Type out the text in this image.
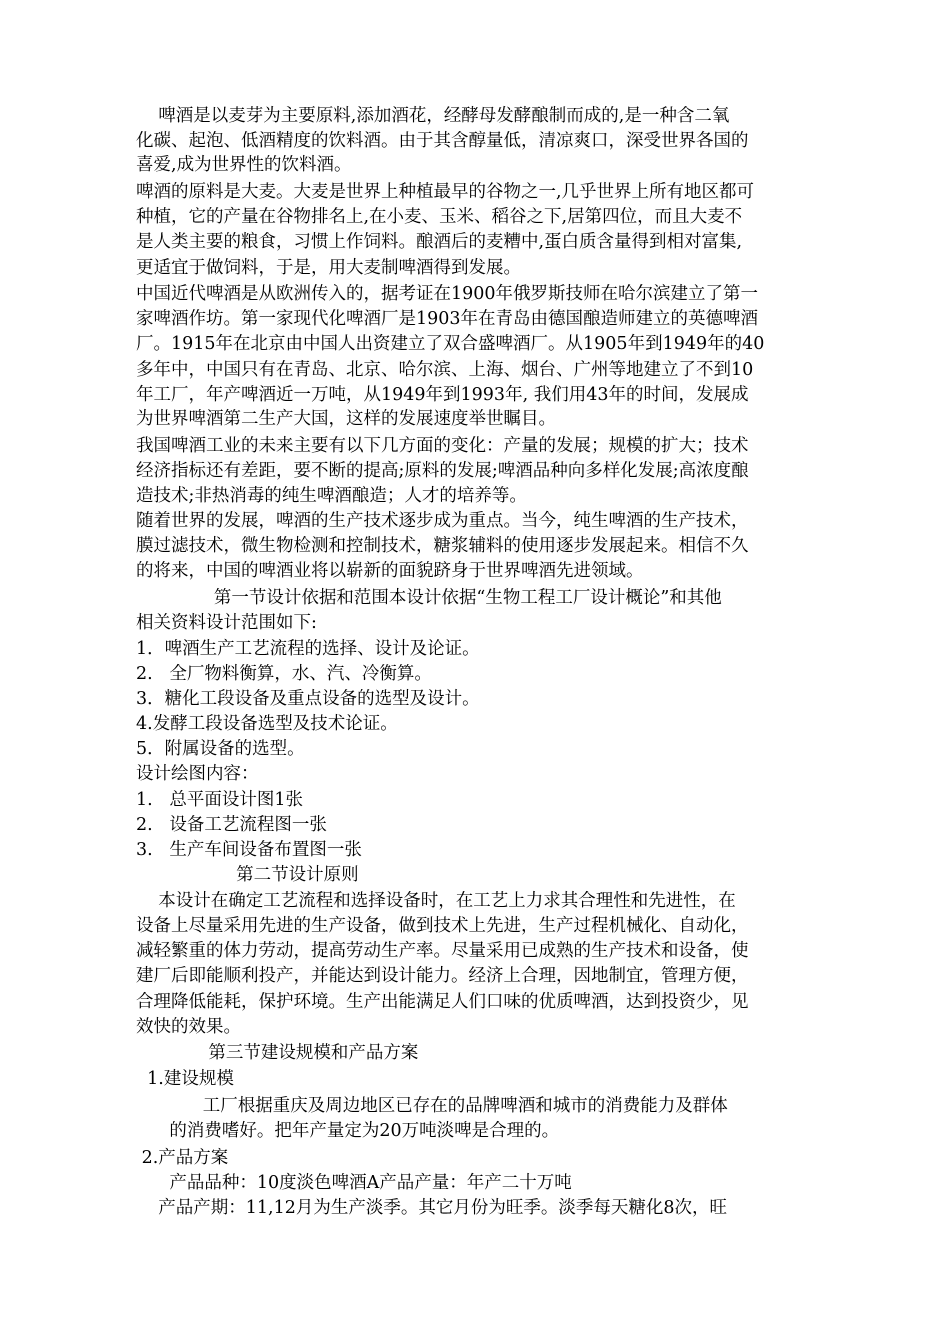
啤酒是以麦芽为主要原料,添加酒花，经酵母发酵酿制而成的,是一种含二氧
化碳、起泡、低酒精度的饮料酒。由于其含醇量低，清凉爽口，深受世界各国的
喜爱,成为世界性的饮料酒。
啤酒的原料是大麦。大麦是世界上种植最早的谷物之一,几乎世界上所有地区都可
种植，它的产量在谷物排名上,在小麦、玉米、稻谷之下,居第四位，而且大麦不
是人类主要的粮食，习惯上作饲料。酿酒后的麦糟中,蛋白质含量得到相对富集,
更适宜于做饲料，于是，用大麦制啤酒得到发展。
中国近代啤酒是从欧洲传入的，据考证在1900年俄罗斯技师在哈尔滨建立了第一
家啤酒作坊。第一家现代化啤酒厂是1903年在青岛由德国酿造师建立的英德啤酒
厂。1915年在北京由中国人出资建立了双合盛啤酒厂。从1905年到1949年的40
多年中，中国只有在青岛、北京、哈尔滨、上海、烟台、广州等地建立了不到10
年工厂，年产啤酒近一万吨，从1949年到1993年, 我们用43年的时间，发展成
为世界啤酒第二生产大国，这样的发展速度举世瞩目。
我国啤酒工业的未来主要有以下几方面的变化：产量的发展；规模的扩大；技术
经济指标还有差距，要不断的提高;原料的发展;啤酒品种向多样化发展;高浓度酿
造技术;非热消毒的纯生啤酒酿造；人才的培养等。
随着世界的发展，啤酒的生产技术逐步成为重点。当今，纯生啤酒的生产技术，
膜过滤技术，微生物检测和控制技术，糖浆辅料的使用逐步发展起来。相信不久
的将来，中国的啤酒业将以崭新的面貌跻身于世界啤酒先进领域。
第一节设计依据和范围本设计依据“生物工程工厂设计概论”和其他
相关资料设计范围如下:
1．啤酒生产工艺流程的选择、设计及论证。
2.   全厂物料衡算，水、汽、冷衡算。
3．糖化工段设备及重点设备的选型及设计。
4.发酵工段设备选型及技术论证。
5．附属设备的选型。
设计绘图内容：
1.   总平面设计图1张
2.   设备工艺流程图一张
3.   生产车间设备布置图一张
第二节设计原则
本设计在确定工艺流程和选择设备时，在工艺上力求其合理性和先进性，在
设备上尽量采用先进的生产设备，做到技术上先进，生产过程机械化、自动化，
减轻繁重的体力劳动，提高劳动生产率。尽量采用已成熟的生产技术和设备，使
建厂后即能顺利投产，并能达到设计能力。经济上合理，因地制宜，管理方便，
合理降低能耗，保护环境。生产出能满足人们口味的优质啤酒，达到投资少，见
效快的效果。
第三节建设规模和产品方案
1.建设规模
工厂根据重庆及周边地区已存在的品牌啤酒和城市的消费能力及群体
的消费嗜好。把年产量定为20万吨淡啤是合理的。
2.产品方案
产品品种：10度淡色啤酒A产品产量：年产二十万吨
产品产期：11,12月为生产淡季。其它月份为旺季。淡季每天糖化8次，旺
